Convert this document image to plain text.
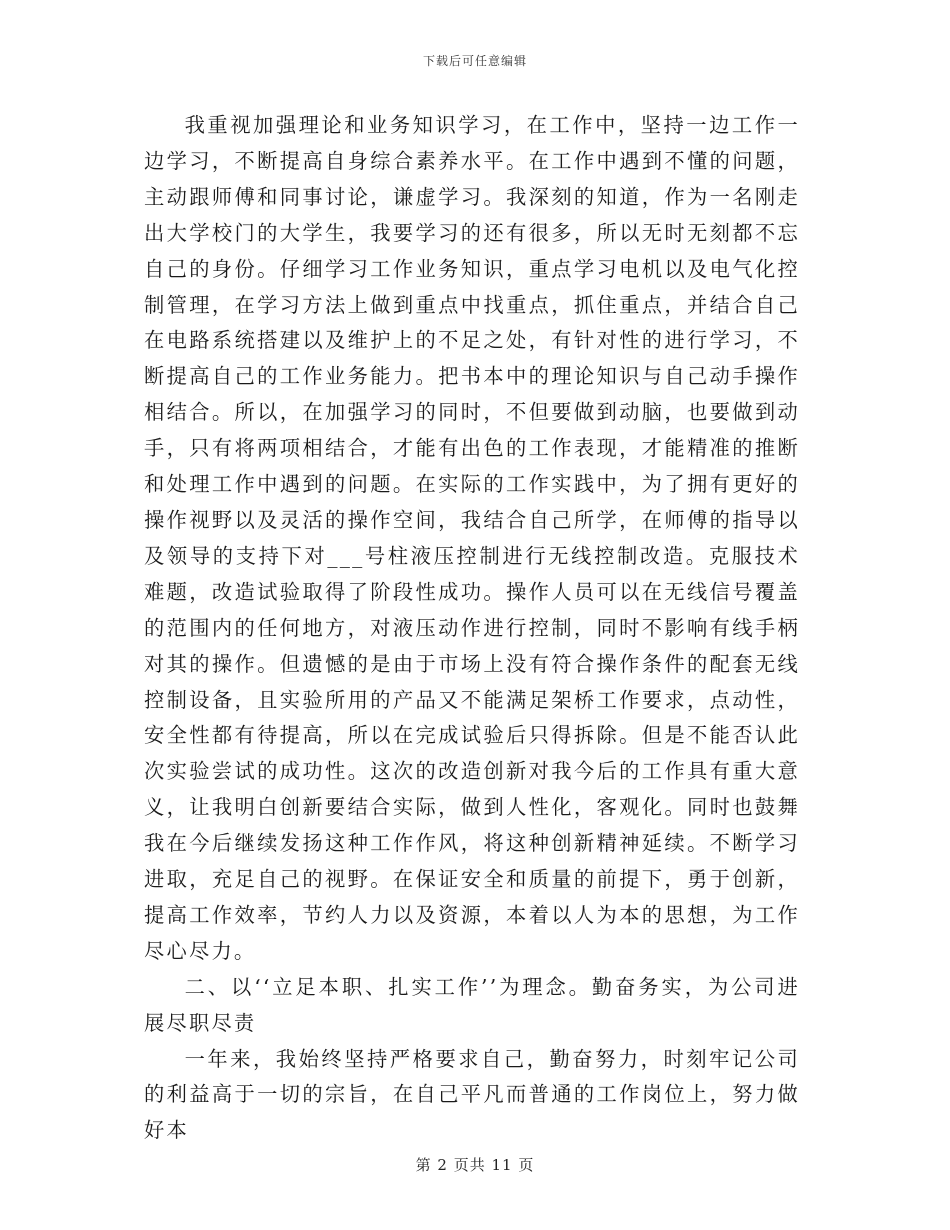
下载后可任意编辑

我重视加强理论和业务知识学习，在工作中，坚持一边工作一边学习，不断提高自身综合素养水平。在工作中遇到不懂的问题，主动跟师傅和同事讨论，谦虚学习。我深刻的知道，作为一名刚走出大学校门的大学生，我要学习的还有很多，所以无时无刻都不忘自己的身份。仔细学习工作业务知识，重点学习电机以及电气化控制管理，在学习方法上做到重点中找重点，抓住重点，并结合自己在电路系统搭建以及维护上的不足之处，有针对性的进行学习，不断提高自己的工作业务能力。把书本中的理论知识与自己动手操作相结合。所以，在加强学习的同时，不但要做到动脑，也要做到动手，只有将两项相结合，才能有出色的工作表现，才能精准的推断和处理工作中遇到的问题。在实际的工作实践中，为了拥有更好的操作视野以及灵活的操作空间，我结合自己所学，在师傅的指导以及领导的支持下对___号柱液压控制进行无线控制改造。克服技术难题，改造试验取得了阶段性成功。操作人员可以在无线信号覆盖的范围内的任何地方，对液压动作进行控制，同时不影响有线手柄对其的操作。但遗憾的是由于市场上没有符合操作条件的配套无线控制设备，且实验所用的产品又不能满足架桥工作要求，点动性，安全性都有待提高，所以在完成试验后只得拆除。但是不能否认此次实验尝试的成功性。这次的改造创新对我今后的工作具有重大意义，让我明白创新要结合实际，做到人性化，客观化。同时也鼓舞我在今后继续发扬这种工作作风，将这种创新精神延续。不断学习进取，充足自己的视野。在保证安全和质量的前提下，勇于创新，提高工作效率，节约人力以及资源，本着以人为本的思想，为工作尽心尽力。

二、以‘‘立足本职、扎实工作’’为理念。勤奋务实，为公司进展尽职尽责

一年来，我始终坚持严格要求自己，勤奋努力，时刻牢记公司的利益高于一切的宗旨，在自己平凡而普通的工作岗位上，努力做好本

第 2 页共 11 页
